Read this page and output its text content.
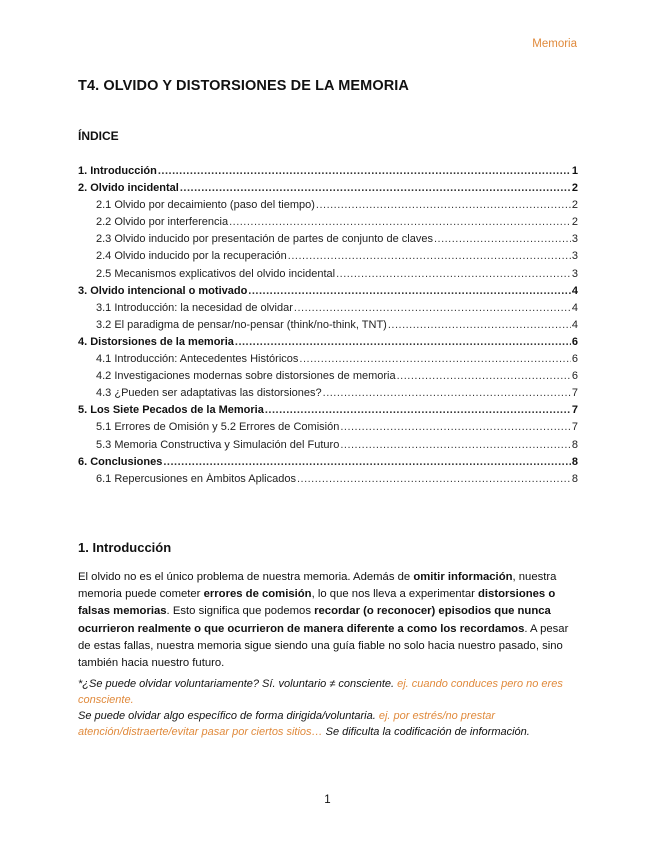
Memoria
T4. OLVIDO Y DISTORSIONES DE LA MEMORIA
ÍNDICE
1. Introducción .....	1
2. Olvido incidental .....	2
2.1 Olvido por decaimiento (paso del tiempo) .....	2
2.2 Olvido por interferencia .....	2
2.3 Olvido inducido por presentación de partes de conjunto de claves .....	3
2.4 Olvido inducido por la recuperación .....	3
2.5 Mecanismos explicativos del olvido incidental .....	3
3. Olvido intencional o motivado .....	4
3.1 Introducción: la necesidad de olvidar .....	4
3.2 El paradigma de pensar/no-pensar (think/no-think, TNT) .....	4
4. Distorsiones de la memoria .....	6
4.1 Introducción: Antecedentes Históricos .....	6
4.2 Investigaciones modernas sobre distorsiones de memoria .....	6
4.3 ¿Pueden ser adaptativas las distorsiones? .....	7
5. Los Siete Pecados de la Memoria .....	7
5.1 Errores de Omisión y 5.2 Errores de Comisión .....	7
5.3 Memoria Constructiva y Simulación del Futuro .....	8
6. Conclusiones .....	8
6.1 Repercusiones en Ámbitos Aplicados .....	8
1. Introducción
El olvido no es el único problema de nuestra memoria. Además de omitir información, nuestra memoria puede cometer errores de comisión, lo que nos lleva a experimentar distorsiones o falsas memorias. Esto significa que podemos recordar (o reconocer) episodios que nunca ocurrieron realmente o que ocurrieron de manera diferente a como los recordamos. A pesar de estas fallas, nuestra memoria sigue siendo una guía fiable no solo hacia nuestro pasado, sino también hacia nuestro futuro.
*¿Se puede olvidar voluntariamente? Sí. voluntario ≠ consciente. ej. cuando conduces pero no eres consciente.
Se puede olvidar algo específico de forma dirigida/voluntaria. ej. por estrés/no prestar atención/distraerte/evitar pasar por ciertos sitios… Se dificulta la codificación de información.
1
